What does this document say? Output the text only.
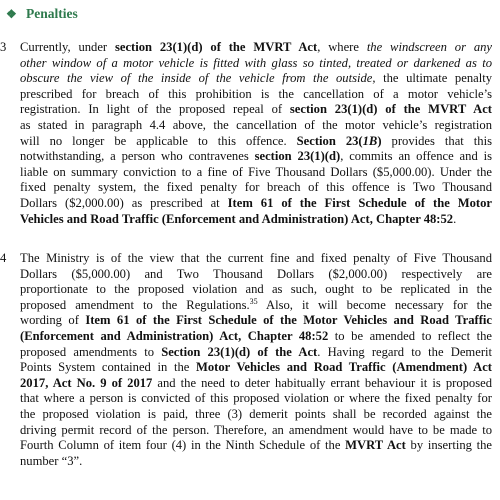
❖ Penalties
3 Currently, under section 23(1)(d) of the MVRT Act, where the windscreen or any
other window of a motor vehicle is fitted with glass so tinted, treated or darkened as to
obscure the view of the inside of the vehicle from the outside, the ultimate penalty
prescribed for breach of this prohibition is the cancellation of a motor vehicle’s
registration. In light of the proposed repeal of section 23(1)(d) of the MVRT Act
as stated in paragraph 4.4 above, the cancellation of the motor vehicle’s registration
will no longer be applicable to this offence. Section 23(1B) provides that this
notwithstanding, a person who contravenes section 23(1)(d), commits an offence and is
liable on summary conviction to a fine of Five Thousand Dollars ($5,000.00). Under the
fixed penalty system, the fixed penalty for breach of this offence is Two Thousand
Dollars ($2,000.00) as prescribed at Item 61 of the First Schedule of the Motor
Vehicles and Road Traffic (Enforcement and Administration) Act, Chapter 48:52.
4 The Ministry is of the view that the current fine and fixed penalty of Five Thousand
Dollars ($5,000.00) and Two Thousand Dollars ($2,000.00) respectively are
proportionate to the proposed violation and as such, ought to be replicated in the
proposed amendment to the Regulations.$^{35}$ Also, it will become necessary for the
wording of Item 61 of the First Schedule of the Motor Vehicles and Road Traffic
(Enforcement and Administration) Act, Chapter 48:52 to be amended to reflect the
proposed amendments to Section 23(1)(d) of the Act. Having regard to the Demerit
Points System contained in the Motor Vehicles and Road Traffic (Amendment) Act
2017, Act No. 9 of 2017 and the need to deter habitually errant behaviour it is proposed
that where a person is convicted of this proposed violation or where the fixed penalty for
the proposed violation is paid, three (3) demerit points shall be recorded against the
driving permit record of the person. Therefore, an amendment would have to be made to
Fourth Column of item four (4) in the Ninth Schedule of the MVRT Act by inserting the
number “3”.
